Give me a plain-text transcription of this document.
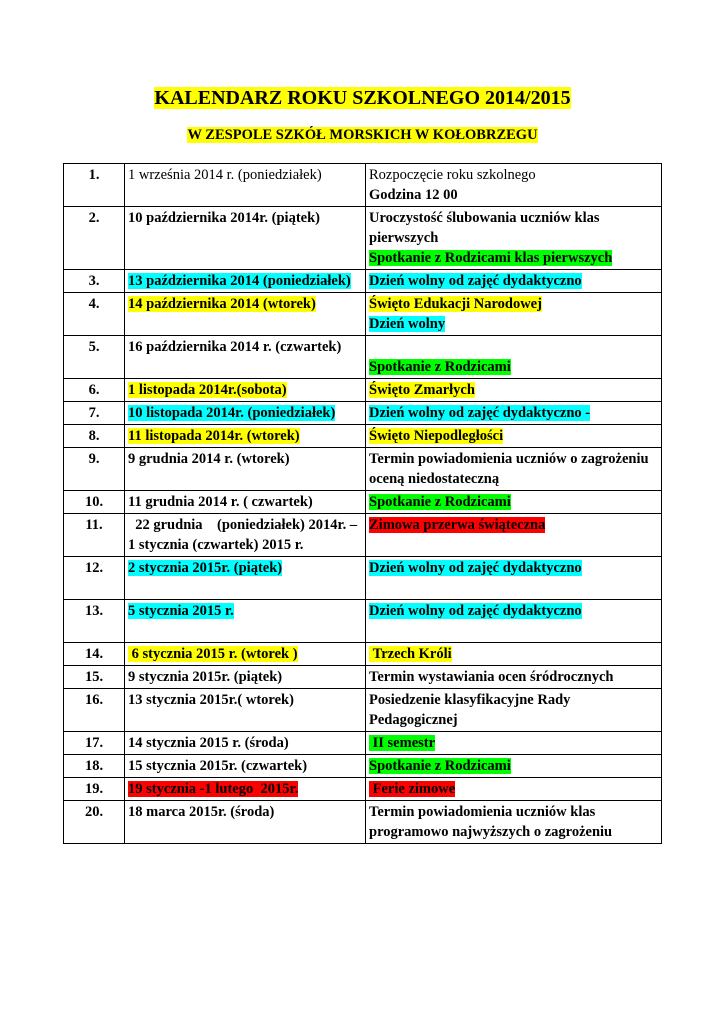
KALENDARZ ROKU SZKOLNEGO 2014/2015
W ZESPOLE SZKÓŁ MORSKICH W KOŁOBRZEGU
1.	1 września 2014 r. (poniedziałek)	Rozpoczęcie roku szkolnego
Godzina 12 00

2.	10 października 2014r. (piątek)	Uroczystość ślubowania uczniów klas pierwszych
Spotkanie z Rodzicami klas pierwszych

3.	13 października 2014 (poniedziałek)	Dzień wolny od zajęć dydaktyczno

4.	14 października 2014 (wtorek)	Święto Edukacji Narodowej
Dzień wolny

5.	16 października 2014 r. (czwartek)	Spotkanie z Rodzicami

6.	1 listopada 2014r.(sobota)	Święto Zmarłych

7.	10 listopada 2014r. (poniedziałek)	Dzień wolny od zajęć dydaktyczno -

8.	11 listopada 2014r. (wtorek)	Święto Niepodległości

9.	9 grudnia 2014 r. (wtorek)	Termin powiadomienia uczniów o zagrożeniu oceną niedostateczną

10.	11 grudnia 2014 r. ( czwartek)	Spotkanie z Rodzicami

11.	22 grudnia    (poniedziałek) 2014r. – 1 stycznia (czwartek) 2015 r.	Zimowa przerwa świąteczna

12.	2 stycznia 2015r. (piątek)	Dzień wolny od zajęć dydaktyczno

13.	5 stycznia 2015 r.	Dzień wolny od zajęć dydaktyczno

14.	6 stycznia 2015 r. (wtorek )	Trzech Króli

15.	9 stycznia 2015r. (piątek)	Termin wystawiania ocen śródrocznych

16.	13 stycznia 2015r.( wtorek)	Posiedzenie klasyfikacyjne Rady Pedagogicznej

17.	14 stycznia 2015 r. (środa)	II semestr

18.	15 stycznia 2015r. (czwartek)	Spotkanie z Rodzicami

19.	19 stycznia -1 lutego  2015r.	Ferie zimowe

20.	18 marca 2015r. (środa)	Termin powiadomienia uczniów klas programowo najwyższych o zagrożeniu
